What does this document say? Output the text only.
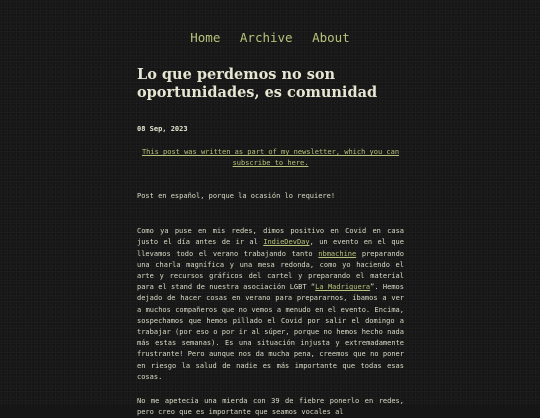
Home Archive About
Lo que perdemos no son oportunidades, es comunidad
08 Sep, 2023
This post was written as part of my newsletter, which you can subscribe to here.

Post en español, porque la ocasión lo requiere!

Como ya puse en mis redes, dimos positivo en Covid en casa justo el día antes de ir al IndieDevDay, un evento en el que llevamos todo el verano trabajando tanto nbmachine preparando una charla magnífica y una mesa redonda, como yo haciendo el arte y recursos gráficos del cartel y preparando el material para el stand de nuestra asociación LGBT “La Madriguera”. Hemos dejado de hacer cosas en verano para prepararnos, íbamos a ver a muchos compañeros que no vemos a menudo en el evento. Encima, sospechamos que hemos pillado el Covid por salir el domingo a trabajar (por eso o por ir al súper, porque no hemos hecho nada más estas semanas). Es una situación injusta y extremadamente frustrante! Pero aunque nos da mucha pena, creemos que no poner en riesgo la salud de nadie es más importante que todas esas cosas.

No me apetecía una mierda con 39 de fiebre ponerlo en redes, pero creo que es importante que seamos vocales al
